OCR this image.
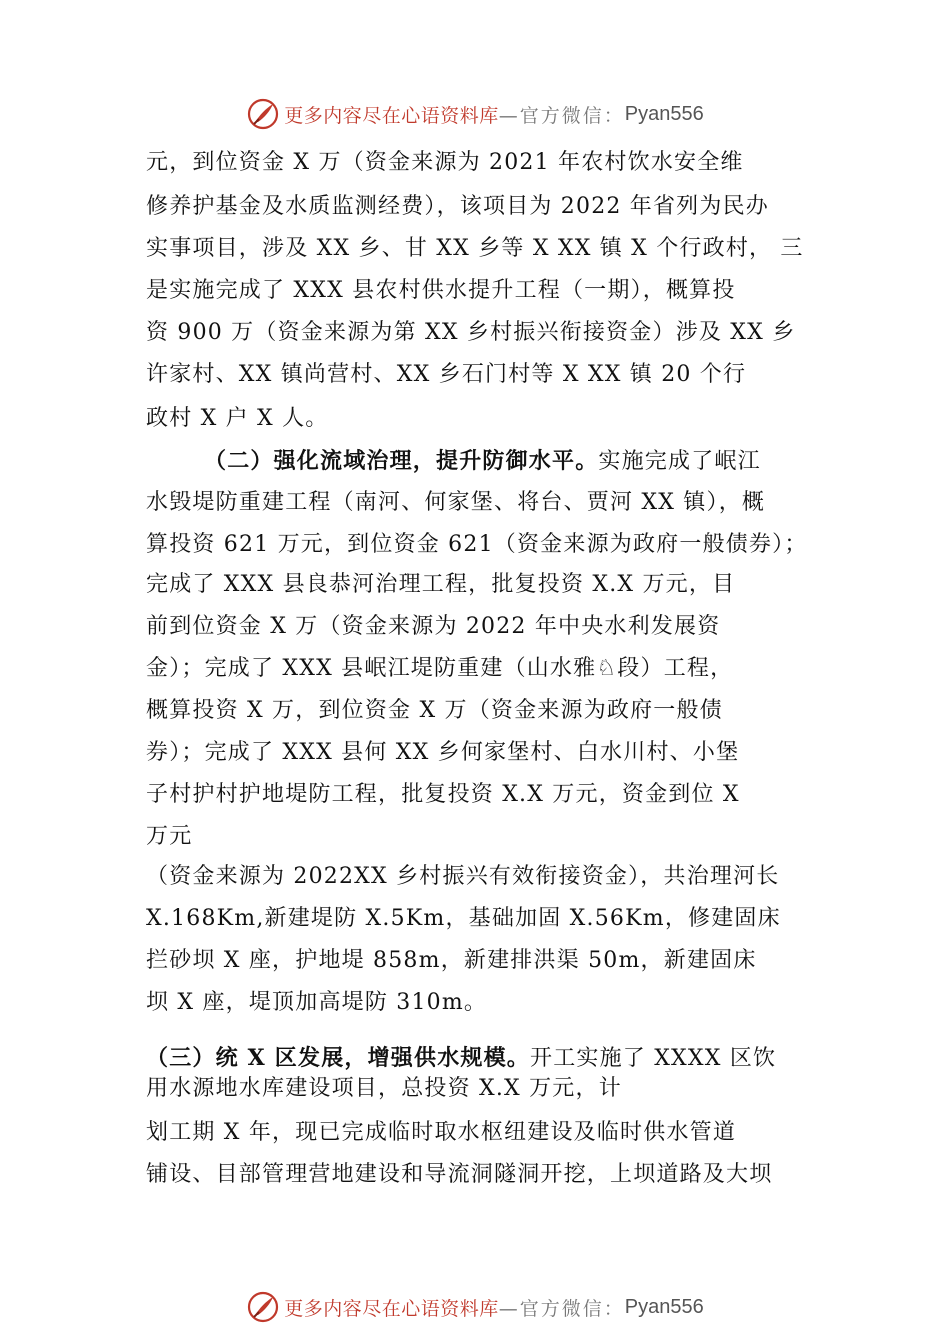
更多内容尽在心语资料库 —官方微信： Pyan556
元，到位资金 X 万（资金来源为 2021 年农村饮水安全维
修养护基金及水质监测经费），该项目为 2022 年省列为民办
实事项目，涉及 XX 乡、甘 XX 乡等 X XX 镇 X 个行政村， 三
是实施完成了 XXX 县农村供水提升工程（一期），概算投
资 900 万（资金来源为第 XX 乡村振兴衔接资金）涉及 XX 乡
许家村、XX 镇尚营村、XX 乡石门村等 X XX 镇 20 个行
政村 X 户 X 人。
（二）强化流域治理，提升防御水平。实施完成了岷江
水毁堤防重建工程（南河、何家堡、将台、贾河 XX 镇），概
算投资 621 万元，到位资金 621（资金来源为政府一般债券）；
完成了 XXX 县良恭河治理工程，批复投资 X.X 万元，目
前到位资金 X 万（资金来源为 2022 年中央水利发展资
金）；完成了 XXX 县岷江堤防重建（山水雅♘段）工程，
概算投资 X 万，到位资金 X 万（资金来源为政府一般债
券）；完成了 XXX 县何 XX 乡何家堡村、白水川村、小堡
子村护村护地堤防工程，批复投资 X.X 万元，资金到位 X
万元
（资金来源为 2022XX 乡村振兴有效衔接资金），共治理河长
X.168Km,新建堤防 X.5Km，基础加固 X.56Km，修建固床
拦砂坝 X 座，护地堤 858m，新建排洪渠 50m，新建固床
坝 X 座，堤顶加高堤防 310m。
（三）统 X 区发展，增强供水规模。开工实施了 XXXX 区饮
用水源地水库建设项目，总投资 X.X 万元，计
划工期 X 年，现已完成临时取水枢纽建设及临时供水管道
铺设、目部管理营地建设和导流洞隧洞开挖，上坝道路及大坝
更多内容尽在心语资料库 —官方微信： Pyan556
